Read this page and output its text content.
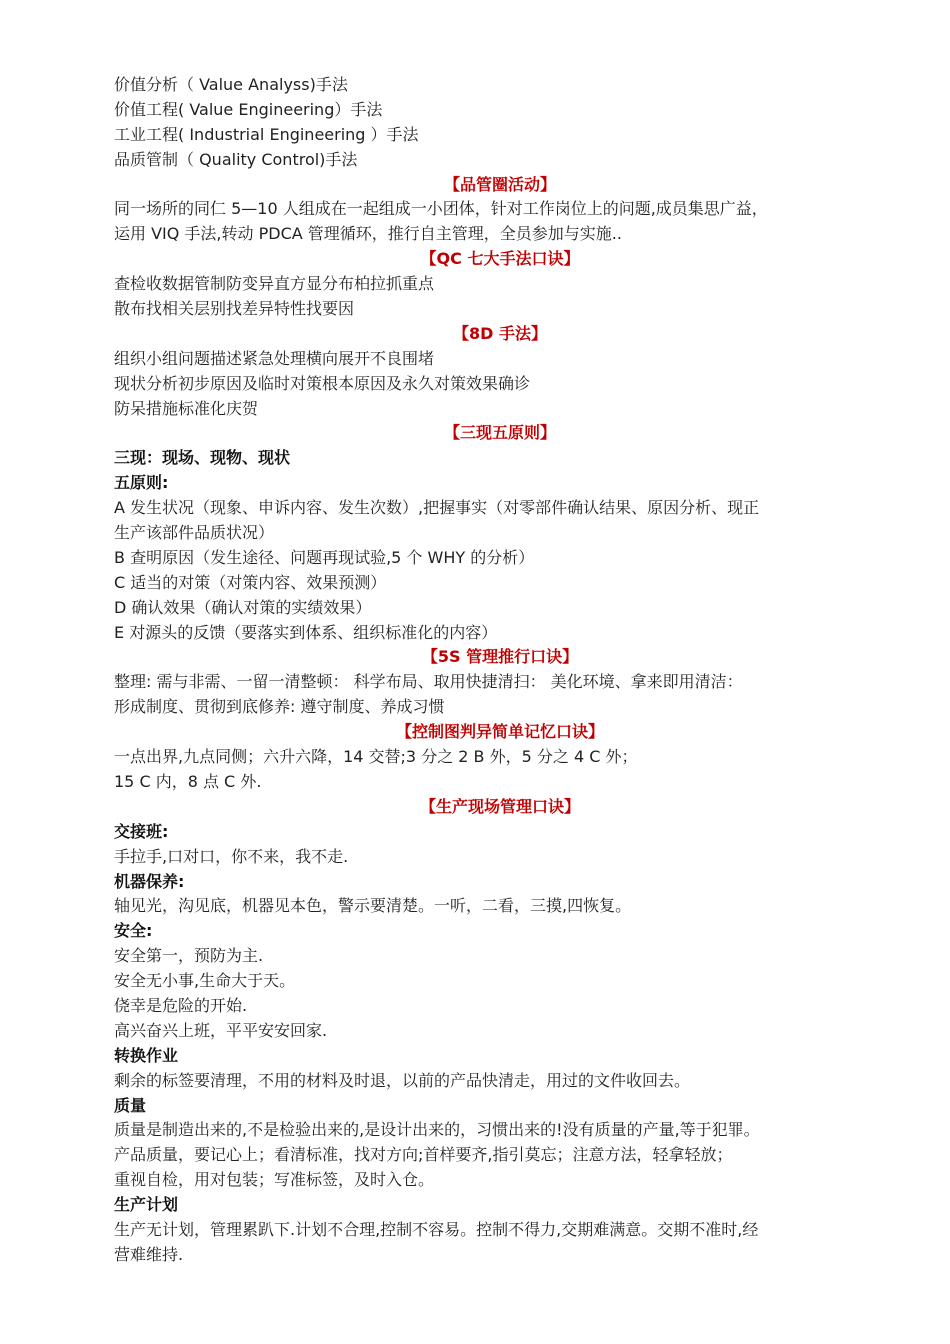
价值分析（ Value Analyss)手法
价值工程( Value Engineering）手法
工业工程( Industrial Engineering ）手法
品质管制（ Quality Control)手法
【品管圈活动】
同一场所的同仁 5—10 人组成在一起组成一小团体，针对工作岗位上的问题,成员集思广益，
运用 VIQ 手法,转动 PDCA 管理循环，推行自主管理，全员参加与实施..
【QC 七大手法口诀】
查检收数据管制防变异直方显分布柏拉抓重点
散布找相关层别找差异特性找要因
【8D 手法】
组织小组问题描述紧急处理横向展开不良围堵
现状分析初步原因及临时对策根本原因及永久对策效果确诊
防呆措施标准化庆贺
【三现五原则】
三现：现场、现物、现状
五原则:
A 发生状况（现象、申诉内容、发生次数）,把握事实（对零部件确认结果、原因分析、现正
生产该部件品质状况）
B 查明原因（发生途径、问题再现试验,5 个 WHY 的分析）
C 适当的对策（对策内容、效果预测）
D 确认效果（确认对策的实绩效果）
E 对源头的反馈（要落实到体系、组织标准化的内容）
【5S 管理推行口诀】
整理: 需与非需、一留一清整顿： 科学布局、取用快捷清扫： 美化环境、拿来即用清洁：
形成制度、贯彻到底修养: 遵守制度、养成习惯
【控制图判异简单记忆口诀】
一点出界,九点同侧；六升六降，14 交替;3 分之 2 B 外，5 分之 4 C 外；
15 C 内，8 点 C 外.
【生产现场管理口诀】
交接班:
手拉手,口对口，你不来，我不走.
机器保养:
轴见光，沟见底，机器见本色，警示要清楚。一听，二看，三摸,四恢复。
安全:
安全第一，预防为主.
安全无小事,生命大于天。
侥幸是危险的开始.
高兴奋兴上班，平平安安回家.
转换作业
剩余的标签要清理，不用的材料及时退，以前的产品快清走，用过的文件收回去。
质量
质量是制造出来的,不是检验出来的,是设计出来的，习惯出来的!没有质量的产量,等于犯罪。
产品质量，要记心上；看清标准，找对方向;首样要齐,指引莫忘；注意方法，轻拿轻放；
重视自检，用对包装；写准标签，及时入仓。
生产计划
生产无计划，管理累趴下.计划不合理,控制不容易。控制不得力,交期难满意。交期不准时,经
营难维持.
